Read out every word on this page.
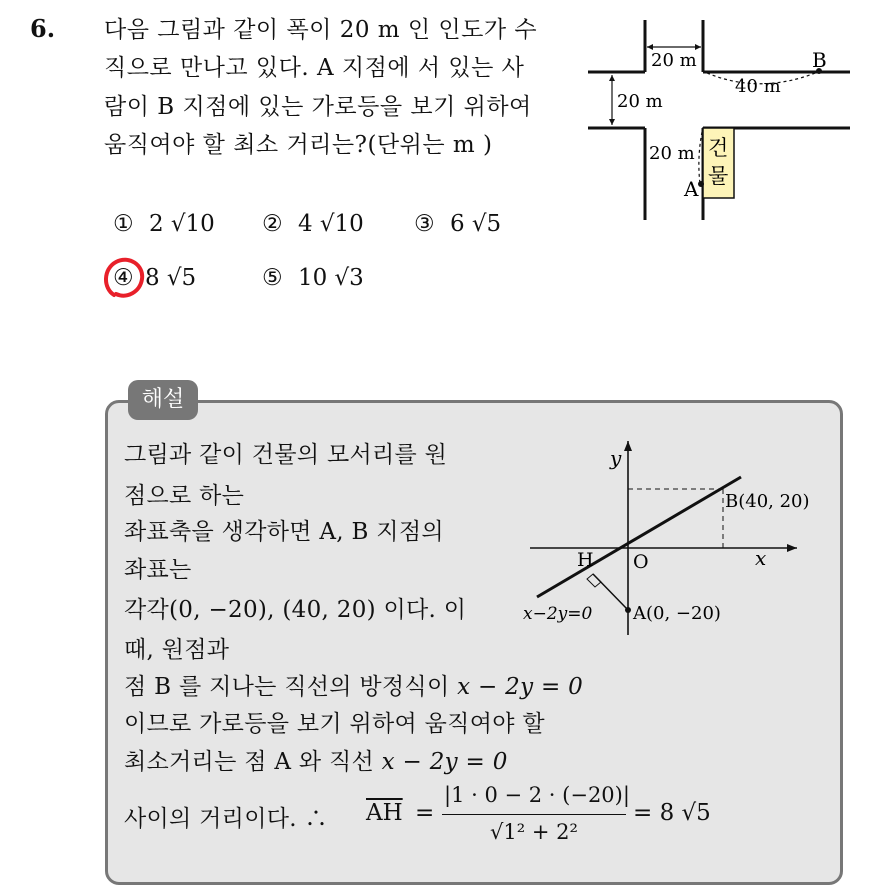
6. 다음 그림과 같이 폭이 20 m 인 인도가 수
직으로 만나고 있다. A 지점에 서 있는 사
람이 B 지점에 있는 가로등을 보기 위하여
움직여야 할 최소 거리는?(단위는 m )
20 m
20 m
40 m
B
20 m
A
건
물
① 2 √10 ② 4 √10 ③ 6 √5
④ 8 √5	⑤ 10 √3
해설
그림과 같이 건물의 모서리를 원
점으로 하는
좌표축을 생각하면 A, B 지점의
좌표는
각각(0, −20), (40, 20) 이다. 이
때, 원점과
점 B 를 지나는 직선의 방정식이 x − 2y = 0
이므로 가로등을 보기 위하여 움직여야 할
최소거리는 점 A 와 직선 x − 2y = 0
사이의 거리이다. ∴ $\overline{AH}$ =
|1 · 0 − 2 · (−20)|
√1² + 2²
= 8 √5
y
x
O
H
B(40, 20)
A(0, −20)
x−2y=0
